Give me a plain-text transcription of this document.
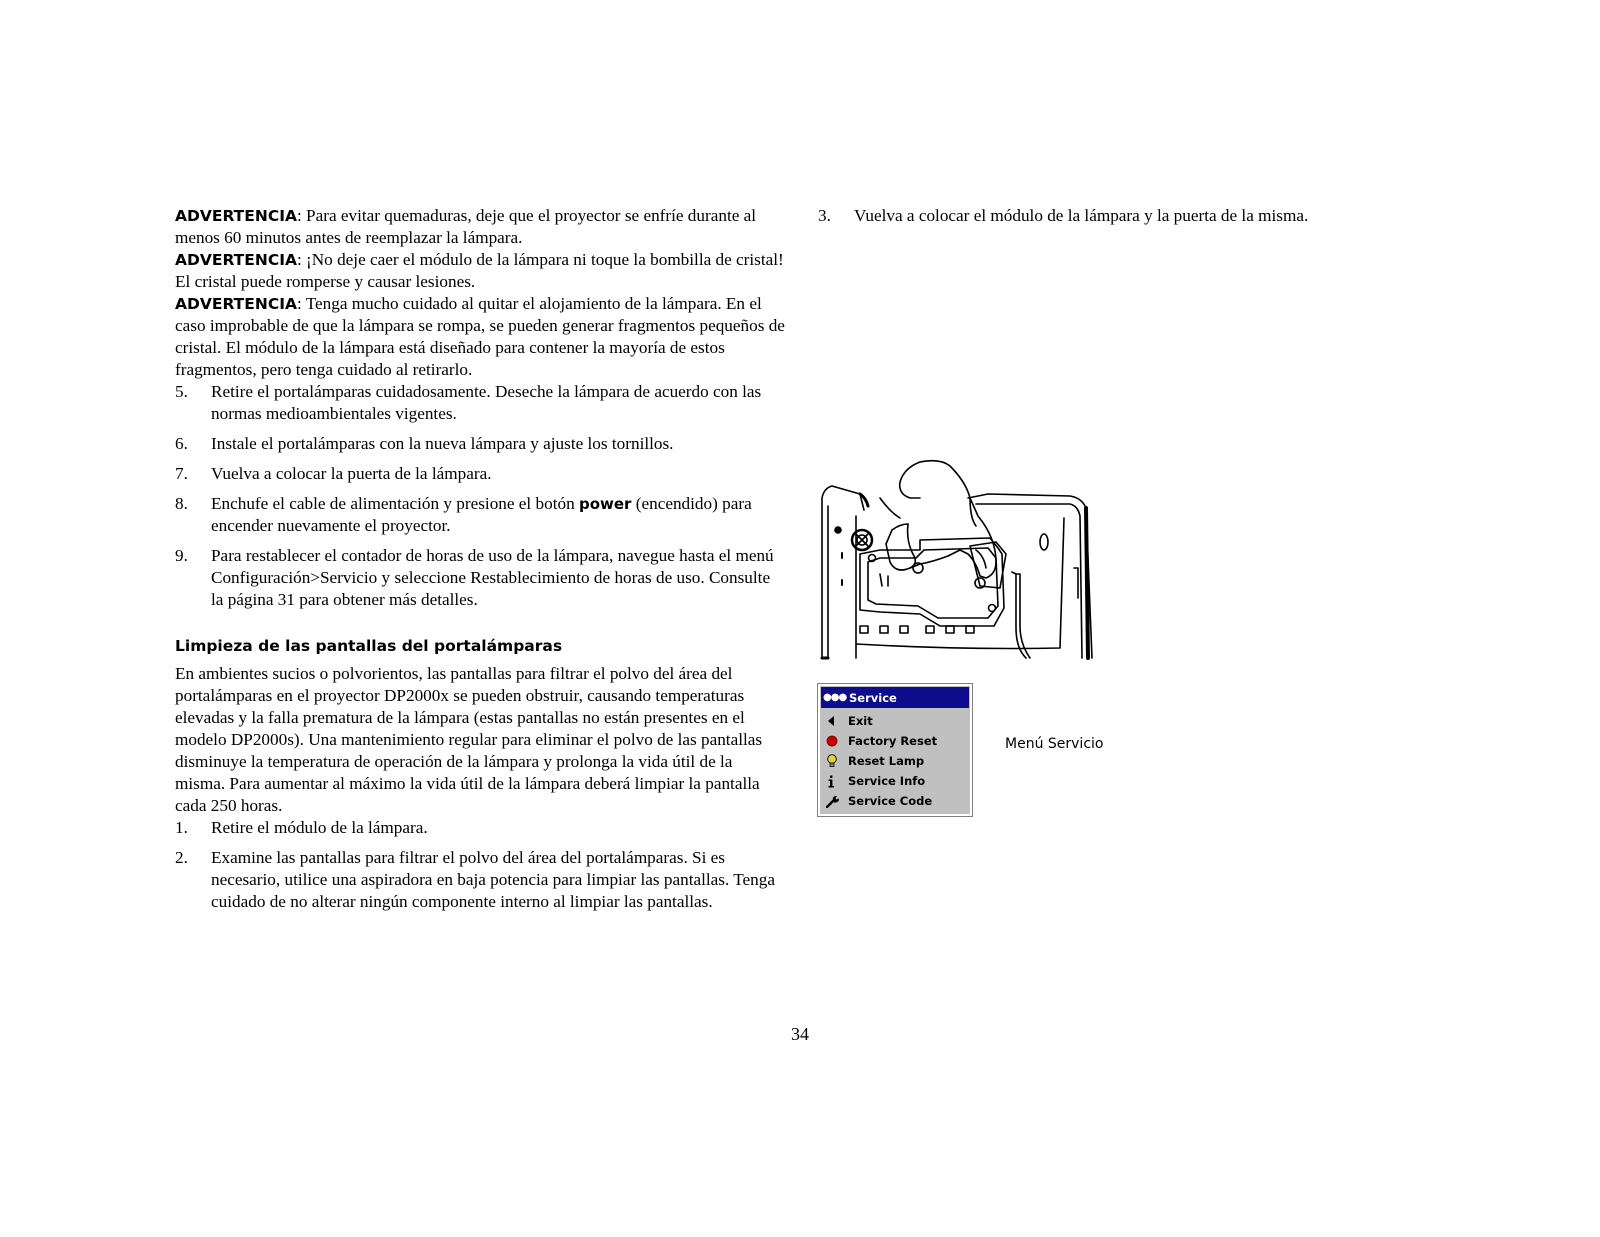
ADVERTENCIA: Para evitar quemaduras, deje que el proyector se enfríe durante al menos 60 minutos antes de reemplazar la lámpara.

ADVERTENCIA: ¡No deje caer el módulo de la lámpara ni toque la bombilla de cristal! El cristal puede romperse y causar lesiones.

ADVERTENCIA: Tenga mucho cuidado al quitar el alojamiento de la lámpara. En el caso improbable de que la lámpara se rompa, se pueden generar fragmentos pequeños de cristal. El módulo de la lámpara está diseñado para contener la mayoría de estos fragmentos, pero tenga cuidado al retirarlo.

5. Retire el portalámparas cuidadosamente. Deseche la lámpara de acuerdo con las normas medioambientales vigentes.
6. Instale el portalámparas con la nueva lámpara y ajuste los tornillos.
7. Vuelva a colocar la puerta de la lámpara.
8. Enchufe el cable de alimentación y presione el botón power (encendido) para encender nuevamente el proyector.
9. Para restablecer el contador de horas de uso de la lámpara, navegue hasta el menú Configuración>Servicio y seleccione Restablecimiento de horas de uso. Consulte la página 31 para obtener más detalles.
Limpieza de las pantallas del portalámparas

En ambientes sucios o polvorientos, las pantallas para filtrar el polvo del área del portalámparas en el proyector DP2000x se pueden obstruir, causando temperaturas elevadas y la falla prematura de la lámpara (estas pantallas no están presentes en el modelo DP2000s). Una mantenimiento regular para eliminar el polvo de las pantallas disminuye la temperatura de operación de la lámpara y prolonga la vida útil de la misma. Para aumentar al máximo la vida útil de la lámpara deberá limpiar la pantalla cada 250 horas.

1. Retire el módulo de la lámpara.
2. Examine las pantallas para filtrar el polvo del área del portalámparas. Si es necesario, utilice una aspiradora en baja potencia para limpiar las pantallas. Tenga cuidado de no alterar ningún componente interno al limpiar las pantallas.
3. Vuelva a colocar el módulo de la lámpara y la puerta de la misma.
●●● Service
Exit
Factory Reset
Reset Lamp
Service Info
Service Code
Menú Servicio
34
